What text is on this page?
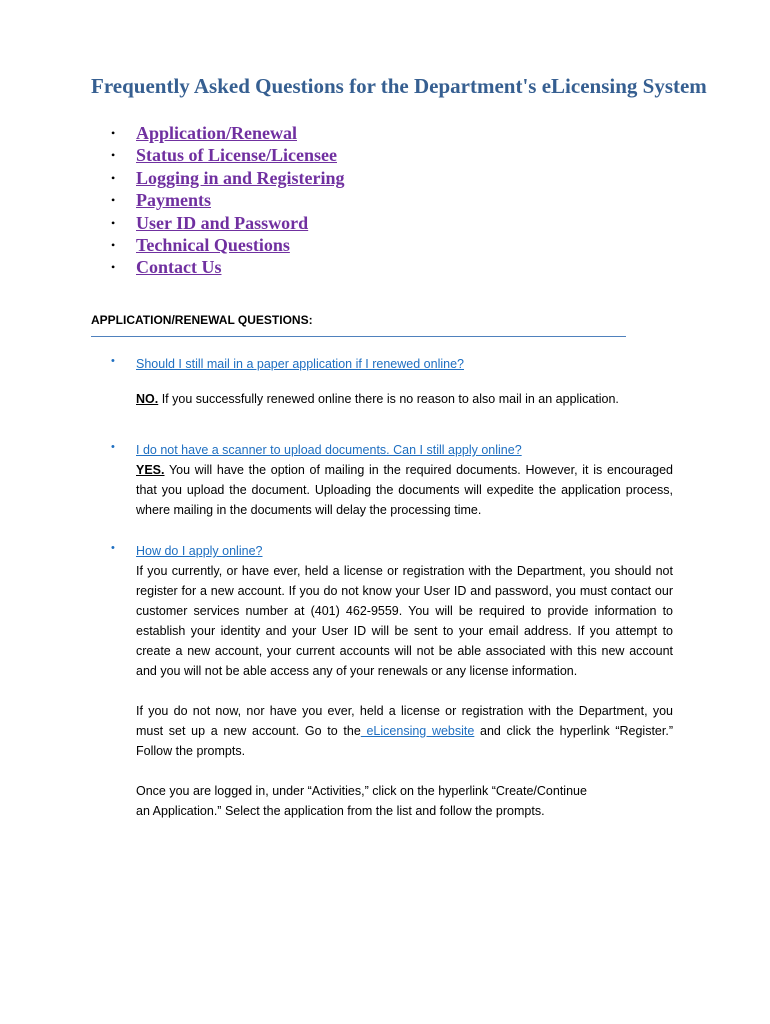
Frequently Asked Questions for the Department's eLicensing System
• Application/Renewal
• Status of License/Licensee
• Logging in and Registering
• Payments
• User ID and Password
• Technical Questions
• Contact Us
APPLICATION/RENEWAL QUESTIONS:
• Should I still mail in a paper application if I renewed online?

NO. If you successfully renewed online there is no reason to also mail in an application.

• I do not have a scanner to upload documents. Can I still apply online?

YES. You will have the option of mailing in the required documents. However, it is encouraged that you upload the document. Uploading the documents will expedite the application process, where mailing in the documents will delay the processing time.

• How do I apply online?

If you currently, or have ever, held a license or registration with the Department, you should not register for a new account. If you do not know your User ID and password, you must contact our customer services number at (401) 462-9559. You will be required to provide information to establish your identity and your User ID will be sent to your email address. If you attempt to create a new account, your current accounts will not be able associated with this new account and you will not be able access any of your renewals or any license information.

If you do not now, nor have you ever, held a license or registration with the Department, you must set up a new account. Go to the eLicensing website and click the hyperlink “Register.” Follow the prompts.

Once you are logged in, under “Activities,” click on the hyperlink “Create/Continue
an Application.” Select the application from the list and follow the prompts.
